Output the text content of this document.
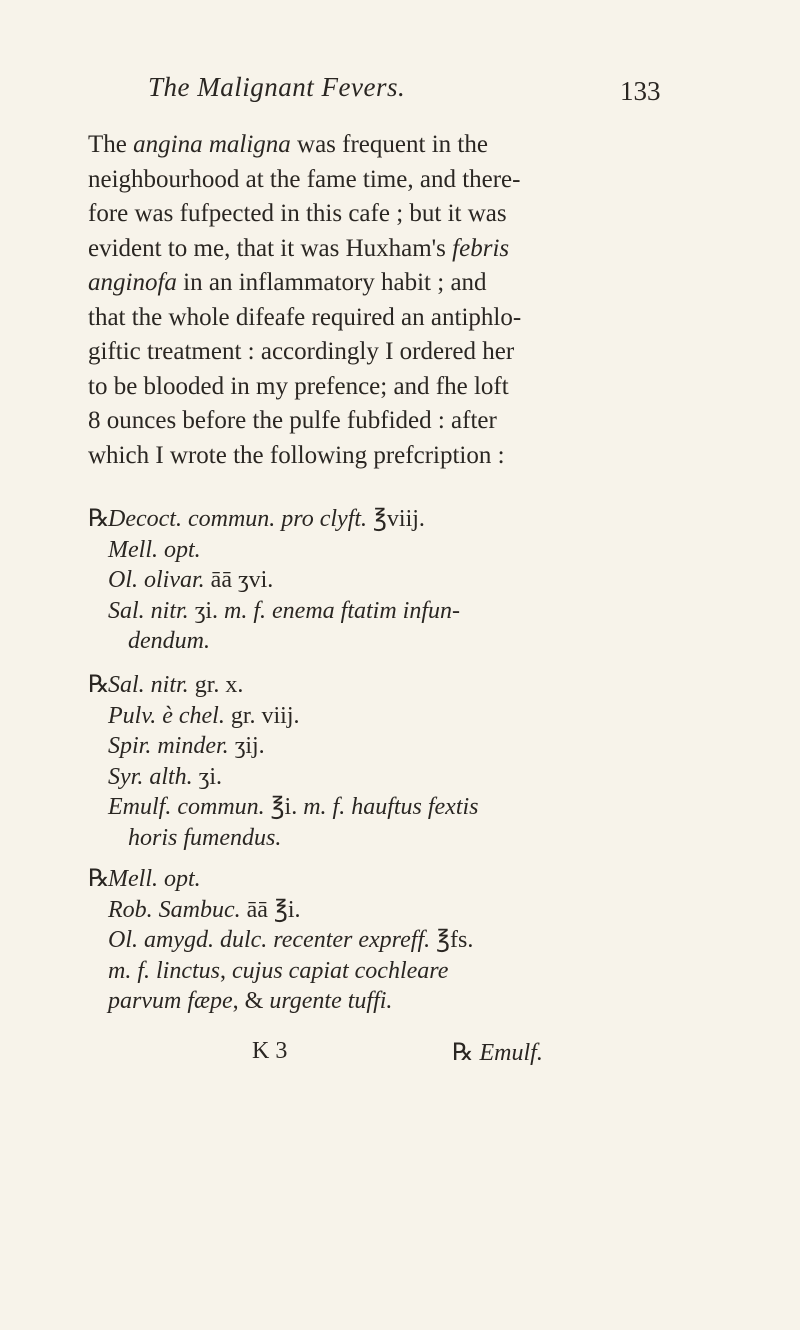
The Malignant Fevers.	133
The angina maligna was frequent in the
neighbourhood at the fame time, and there-
fore was fufpected in this cafe ; but it was
evident to me, that it was Huxham's febris
anginofa in an inflammatory habit ; and
that the whole difeafe required an antiphlo-
giftic treatment : accordingly I ordered her
to be blooded in my prefence; and fhe loft
8 ounces before the pulfe fubfided : after
which I wrote the following prefcription :
℞Decoct. commun. pro clyft. ℥viij.
Mell. opt.
Ol. olivar. āā ʒvi.
Sal. nitr. ʒi. m. f. enema ftatim infun-
dendum.
℞Sal. nitr. gr. x.
Pulv. è chel. gr. viij.
Spir. minder. ʒij.
Syr. alth. ʒi.
Emulf. commun. ℥i. m. f. hauftus fextis
horis fumendus.
℞Mell. opt.
Rob. Sambuc. āā ℥i.
Ol. amygd. dulc. recenter expreff. ℥fs.
m. f. linctus, cujus capiat cochleare
parvum fæpe, & urgente tuffi.
K 3	℞ Emulf.
